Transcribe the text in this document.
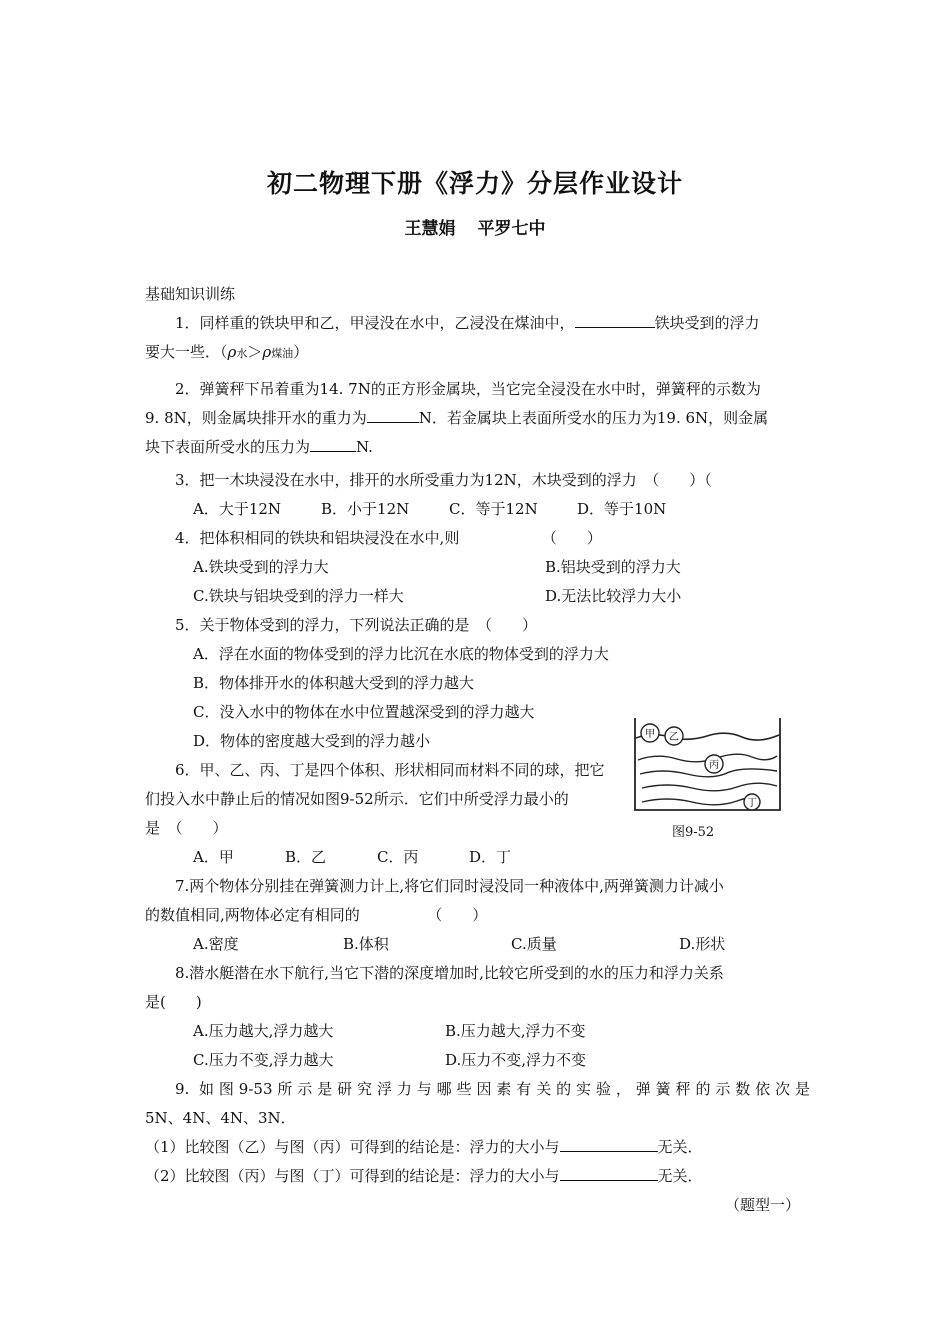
初二物理下册《浮力》分层作业设计
王慧娟 平罗七中
基础知识训练
1．同样重的铁块甲和乙，甲浸没在水中，乙浸没在煤油中，	铁块受到的浮力
要大一些．（ρ水＞ρ煤油）
2．弹簧秤下吊着重为14. 7N的正方形金属块，当它完全浸没在水中时，弹簧秤的示数为
9. 8N，则金属块排开水的重力为	N．若金属块上表面所受水的压力为19. 6N，则金属
块下表面所受水的压力为	N.
3．把一木块浸没在水中，排开的水所受重力为12N，木块受到的浮力　（　　）（
A．大于12N	B．小于12N	C．等于12N	D．等于10N
4．把体积相同的铁块和铝块浸没在水中,则　　　　　　（　　）
A.铁块受到的浮力大	B.铝块受到的浮力大
C.铁块与铝块受到的浮力一样大	D.无法比较浮力大小
5．关于物体受到的浮力，下列说法正确的是　（　　）
A．浮在水面的物体受到的浮力比沉在水底的物体受到的浮力大
B．物体排开水的体积越大受到的浮力越大
C．没入水中的物体在水中位置越深受到的浮力越大
D．物体的密度越大受到的浮力越小
6．甲、乙、丙、丁是四个体积、形状相同而材料不同的球，把它
们投入水中静止后的情况如图9-52所示．它们中所受浮力最小的
是　（　　）
A．甲	B．乙	C．丙	D．丁
7.两个物体分别挂在弹簧测力计上,将它们同时浸没同一种液体中,两弹簧测力计减小
的数值相同,两物体必定有相同的　　　　　（　　）
A.密度	B.体积	C.质量	D.形状
8.潜水艇潜在水下航行,当它下潜的深度增加时,比较它所受到的水的压力和浮力关系
是(　　)
A.压力越大,浮力越大	B.压力越大,浮力不变
C.压力不变,浮力越大	D.压力不变,浮力不变
9. 如图9-53所示是研究浮力与哪些因素有关的实验，弹簧秤的示数依次是
5N、4N、4N、3N．
（1）比较图（乙）与图（丙）可得到的结论是：浮力的大小与	无关．
（2）比较图（丙）与图（丁）可得到的结论是：浮力的大小与	无关．
（题型一）
甲 乙
丙
丁
图9-52
